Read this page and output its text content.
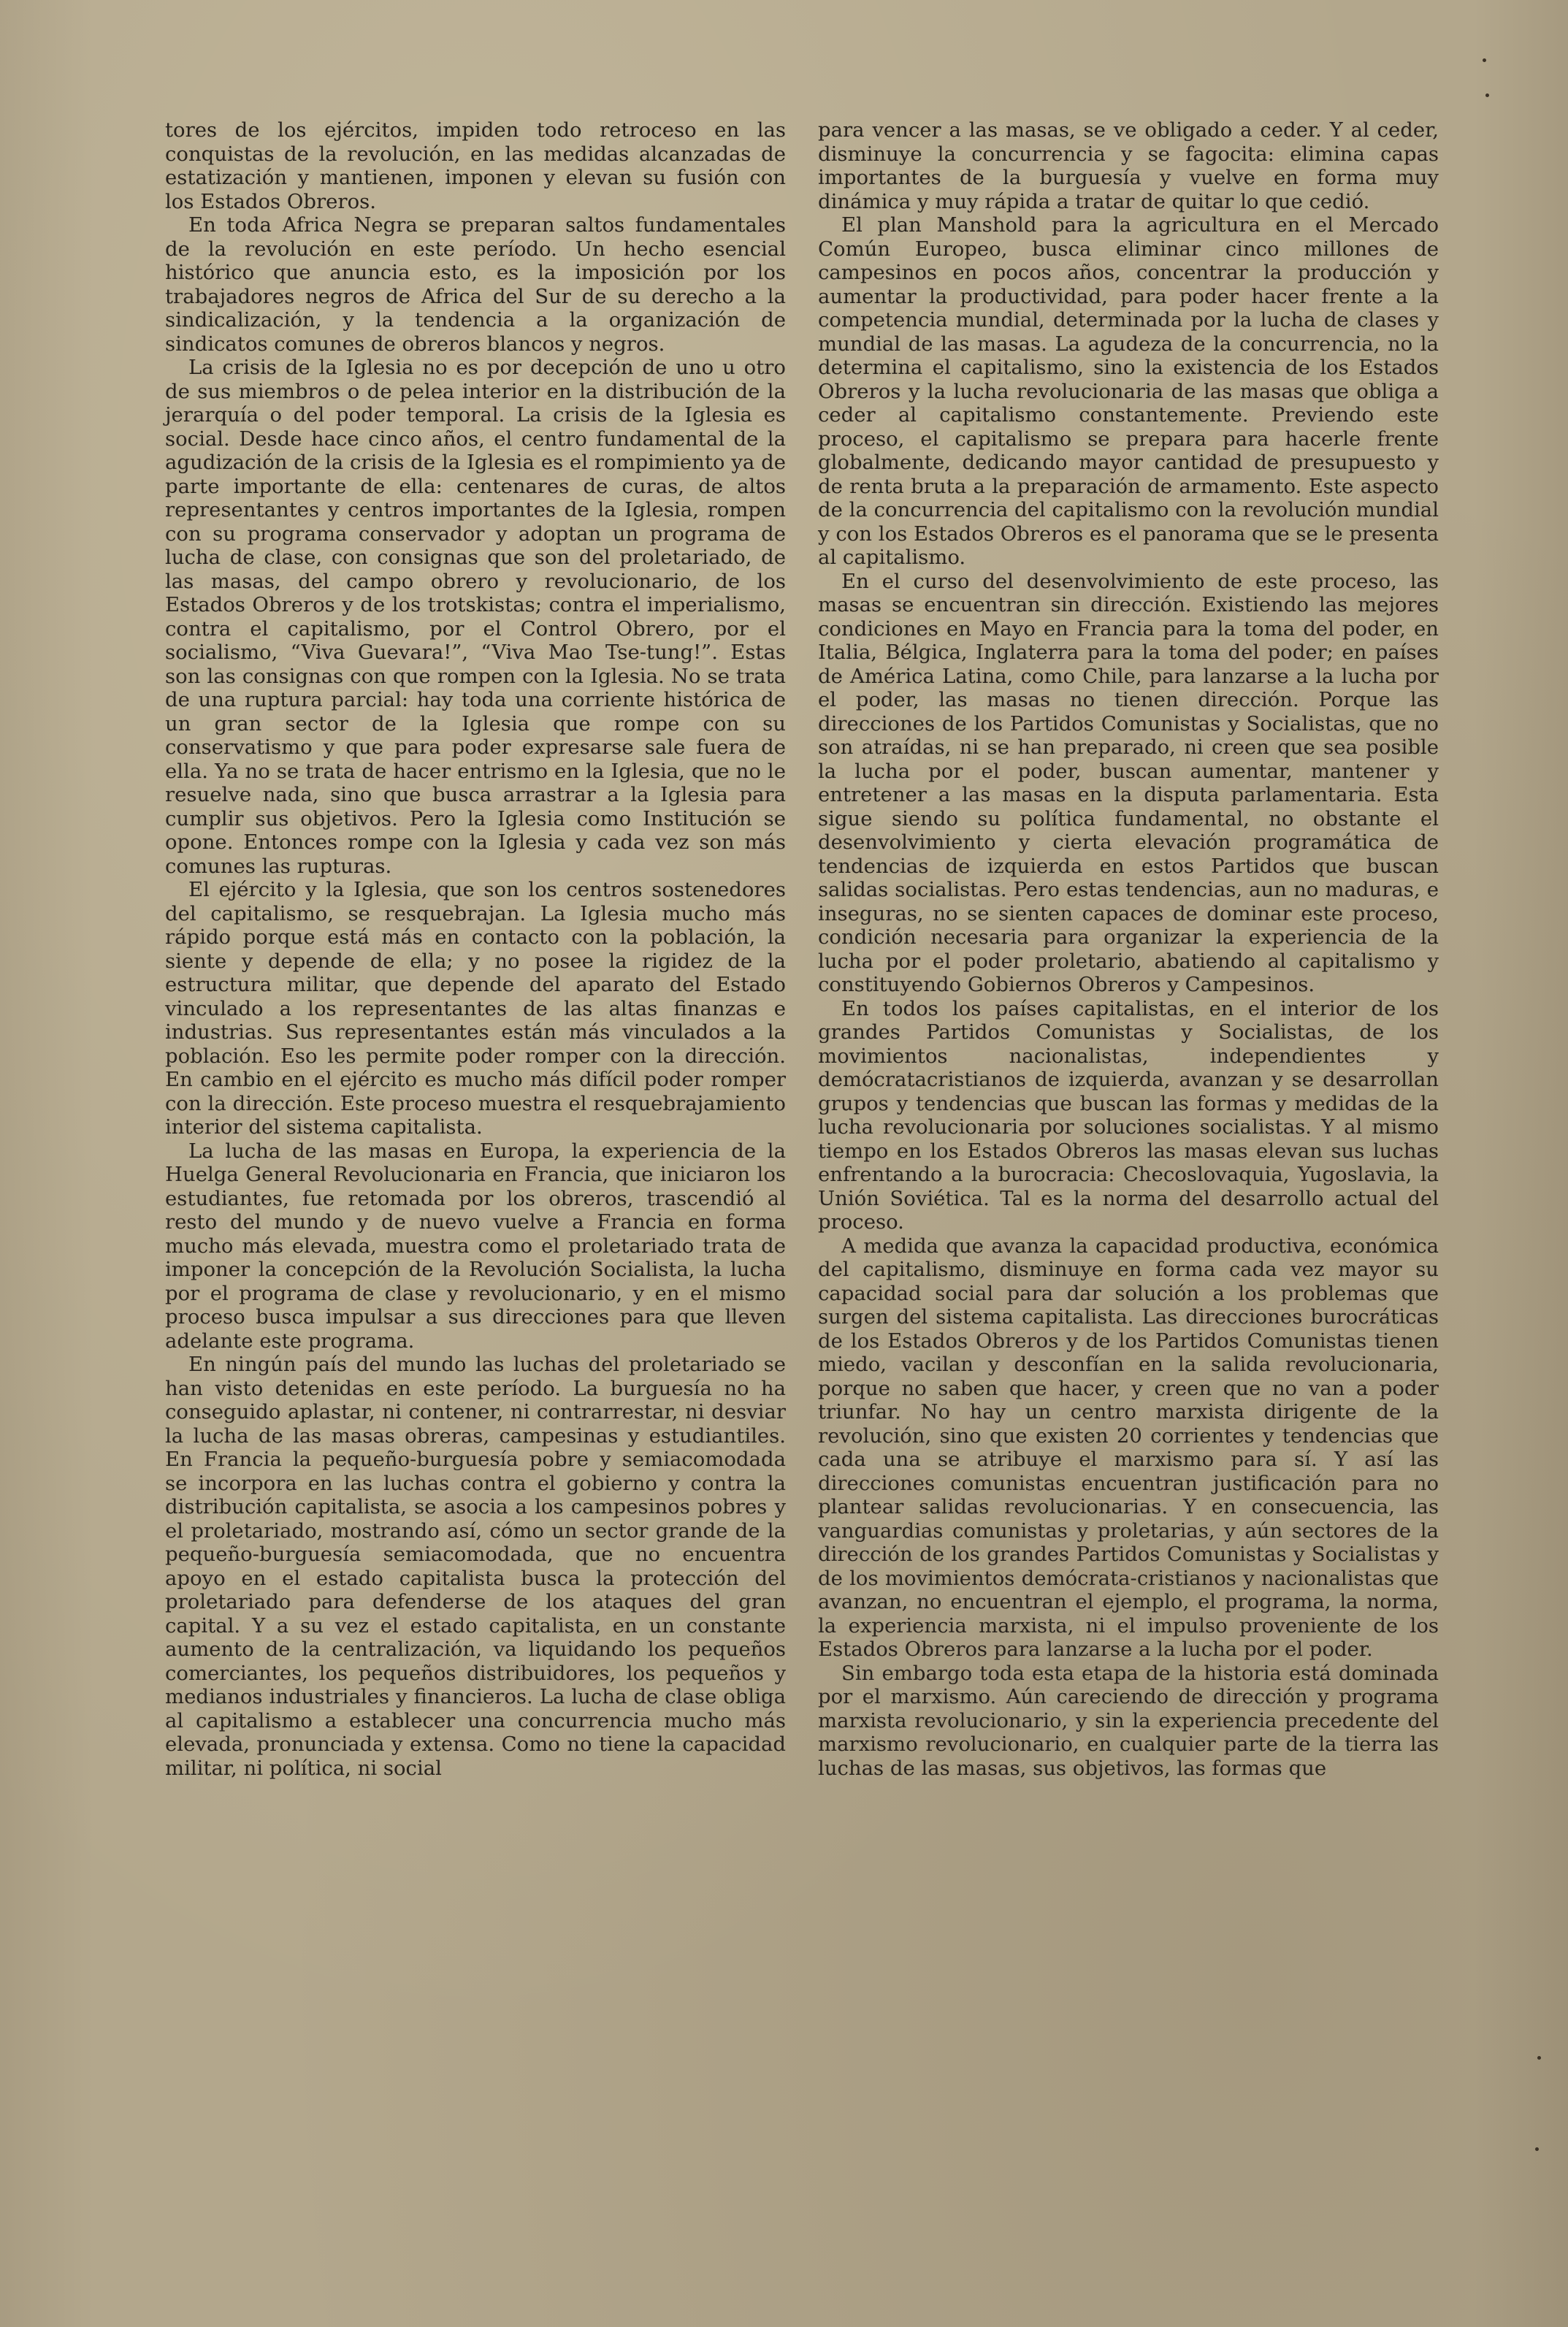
tores de los ejércitos, impiden todo retroceso en las conquistas de la revolución, en las medidas alcanzadas de estatización y mantienen, imponen y elevan su fusión con los Estados Obreros.

En toda Africa Negra se preparan saltos fundamentales de la revolución en este período. Un hecho esencial histórico que anuncia esto, es la imposición por los trabajadores negros de Africa del Sur de su derecho a la sindicalización, y la tendencia a la organización de sindicatos comunes de obreros blancos y negros.

La crisis de la Iglesia no es por decepción de uno u otro de sus miembros o de pelea interior en la distribución de la jerarquía o del poder temporal. La crisis de la Iglesia es social. Desde hace cinco años, el centro fundamental de la agudización de la crisis de la Iglesia es el rompimiento ya de parte importante de ella: centenares de curas, de altos representantes y centros importantes de la Iglesia, rompen con su programa conservador y adoptan un programa de lucha de clase, con consignas que son del proletariado, de las masas, del campo obrero y revolucionario, de los Estados Obreros y de los trotskistas; contra el imperialismo, contra el capitalismo, por el Control Obrero, por el socialismo, “Viva Guevara!”, “Viva Mao Tse-tung!”. Estas son las consignas con que rompen con la Iglesia. No se trata de una ruptura parcial: hay toda una corriente histórica de un gran sector de la Iglesia que rompe con su conservatismo y que para poder expresarse sale fuera de ella. Ya no se trata de hacer entrismo en la Iglesia, que no le resuelve nada, sino que busca arrastrar a la Iglesia para cumplir sus objetivos. Pero la Iglesia como Institución se opone. Entonces rompe con la Iglesia y cada vez son más comunes las rupturas.

El ejército y la Iglesia, que son los centros sostenedores del capitalismo, se resquebrajan. La Iglesia mucho más rápido porque está más en contacto con la población, la siente y depende de ella; y no posee la rigidez de la estructura militar, que depende del aparato del Estado vinculado a los representantes de las altas finanzas e industrias. Sus representantes están más vinculados a la población. Eso les permite poder romper con la dirección. En cambio en el ejército es mucho más difícil poder romper con la dirección. Este proceso muestra el resquebrajamiento interior del sistema capitalista.

La lucha de las masas en Europa, la experiencia de la Huelga General Revolucionaria en Francia, que iniciaron los estudiantes, fue retomada por los obreros, trascendió al resto del mundo y de nuevo vuelve a Francia en forma mucho más elevada, muestra como el proletariado trata de imponer la concepción de la Revolución Socialista, la lucha por el programa de clase y revolucionario, y en el mismo proceso busca impulsar a sus direcciones para que lleven adelante este programa.

En ningún país del mundo las luchas del proletariado se han visto detenidas en este período. La burguesía no ha conseguido aplastar, ni contener, ni contrarrestar, ni desviar la lucha de las masas obreras, campesinas y estudiantiles. En Francia la pequeño-burguesía pobre y semiacomodada se incorpora en las luchas contra el gobierno y contra la distribución capitalista, se asocia a los campesinos pobres y el proletariado, mostrando así, cómo un sector grande de la pequeño-burguesía semiacomodada, que no encuentra apoyo en el estado capitalista busca la protección del proletariado para defenderse de los ataques del gran capital. Y a su vez el estado capitalista, en un constante aumento de la centralización, va liquidando los pequeños comerciantes, los pequeños distribuidores, los pequeños y medianos industriales y financieros. La lucha de clase obliga al capitalismo a establecer una concurrencia mucho más elevada, pronunciada y extensa. Como no tiene la capacidad militar, ni política, ni social

para vencer a las masas, se ve obligado a ceder. Y al ceder, disminuye la concurrencia y se fagocita: elimina capas importantes de la burguesía y vuelve en forma muy dinámica y muy rápida a tratar de quitar lo que cedió.

El plan Manshold para la agricultura en el Mercado Común Europeo, busca eliminar cinco millones de campesinos en pocos años, concentrar la producción y aumentar la productividad, para poder hacer frente a la competencia mundial, determinada por la lucha de clases y mundial de las masas. La agudeza de la concurrencia, no la determina el capitalismo, sino la existencia de los Estados Obreros y la lucha revolucionaria de las masas que obliga a ceder al capitalismo constantemente. Previendo este proceso, el capitalismo se prepara para hacerle frente globalmente, dedicando mayor cantidad de presupuesto y de renta bruta a la preparación de armamento. Este aspecto de la concurrencia del capitalismo con la revolución mundial y con los Estados Obreros es el panorama que se le presenta al capitalismo.

En el curso del desenvolvimiento de este proceso, las masas se encuentran sin dirección. Existiendo las mejores condiciones en Mayo en Francia para la toma del poder, en Italia, Bélgica, Inglaterra para la toma del poder; en países de América Latina, como Chile, para lanzarse a la lucha por el poder, las masas no tienen dirección. Porque las direcciones de los Partidos Comunistas y Socialistas, que no son atraídas, ni se han preparado, ni creen que sea posible la lucha por el poder, buscan aumentar, mantener y entretener a las masas en la disputa parlamentaria. Esta sigue siendo su política fundamental, no obstante el desenvolvimiento y cierta elevación programática de tendencias de izquierda en estos Partidos que buscan salidas socialistas. Pero estas tendencias, aun no maduras, e inseguras, no se sienten capaces de dominar este proceso, condición necesaria para organizar la experiencia de la lucha por el poder proletario, abatiendo al capitalismo y constituyendo Gobiernos Obreros y Campesinos.

En todos los países capitalistas, en el interior de los grandes Partidos Comunistas y Socialistas, de los movimientos nacionalistas, independientes y demócratacristianos de izquierda, avanzan y se desarrollan grupos y tendencias que buscan las formas y medidas de la lucha revolucionaria por soluciones socialistas. Y al mismo tiempo en los Estados Obreros las masas elevan sus luchas enfrentando a la burocracia: Checoslovaquia, Yugoslavia, la Unión Soviética. Tal es la norma del desarrollo actual del proceso.

A medida que avanza la capacidad productiva, económica del capitalismo, disminuye en forma cada vez mayor su capacidad social para dar solución a los problemas que surgen del sistema capitalista. Las direcciones burocráticas de los Estados Obreros y de los Partidos Comunistas tienen miedo, vacilan y desconfían en la salida revolucionaria, porque no saben que hacer, y creen que no van a poder triunfar. No hay un centro marxista dirigente de la revolución, sino que existen 20 corrientes y tendencias que cada una se atribuye el marxismo para sí. Y así las direcciones comunistas encuentran justificación para no plantear salidas revolucionarias. Y en consecuencia, las vanguardias comunistas y proletarias, y aún sectores de la dirección de los grandes Partidos Comunistas y Socialistas y de los movimientos demócrata-cristianos y nacionalistas que avanzan, no encuentran el ejemplo, el programa, la norma, la experiencia marxista, ni el impulso proveniente de los Estados Obreros para lanzarse a la lucha por el poder.

Sin embargo toda esta etapa de la historia está dominada por el marxismo. Aún careciendo de dirección y programa marxista revolucionario, y sin la experiencia precedente del marxismo revolucionario, en cualquier parte de la tierra las luchas de las masas, sus objetivos, las formas que
